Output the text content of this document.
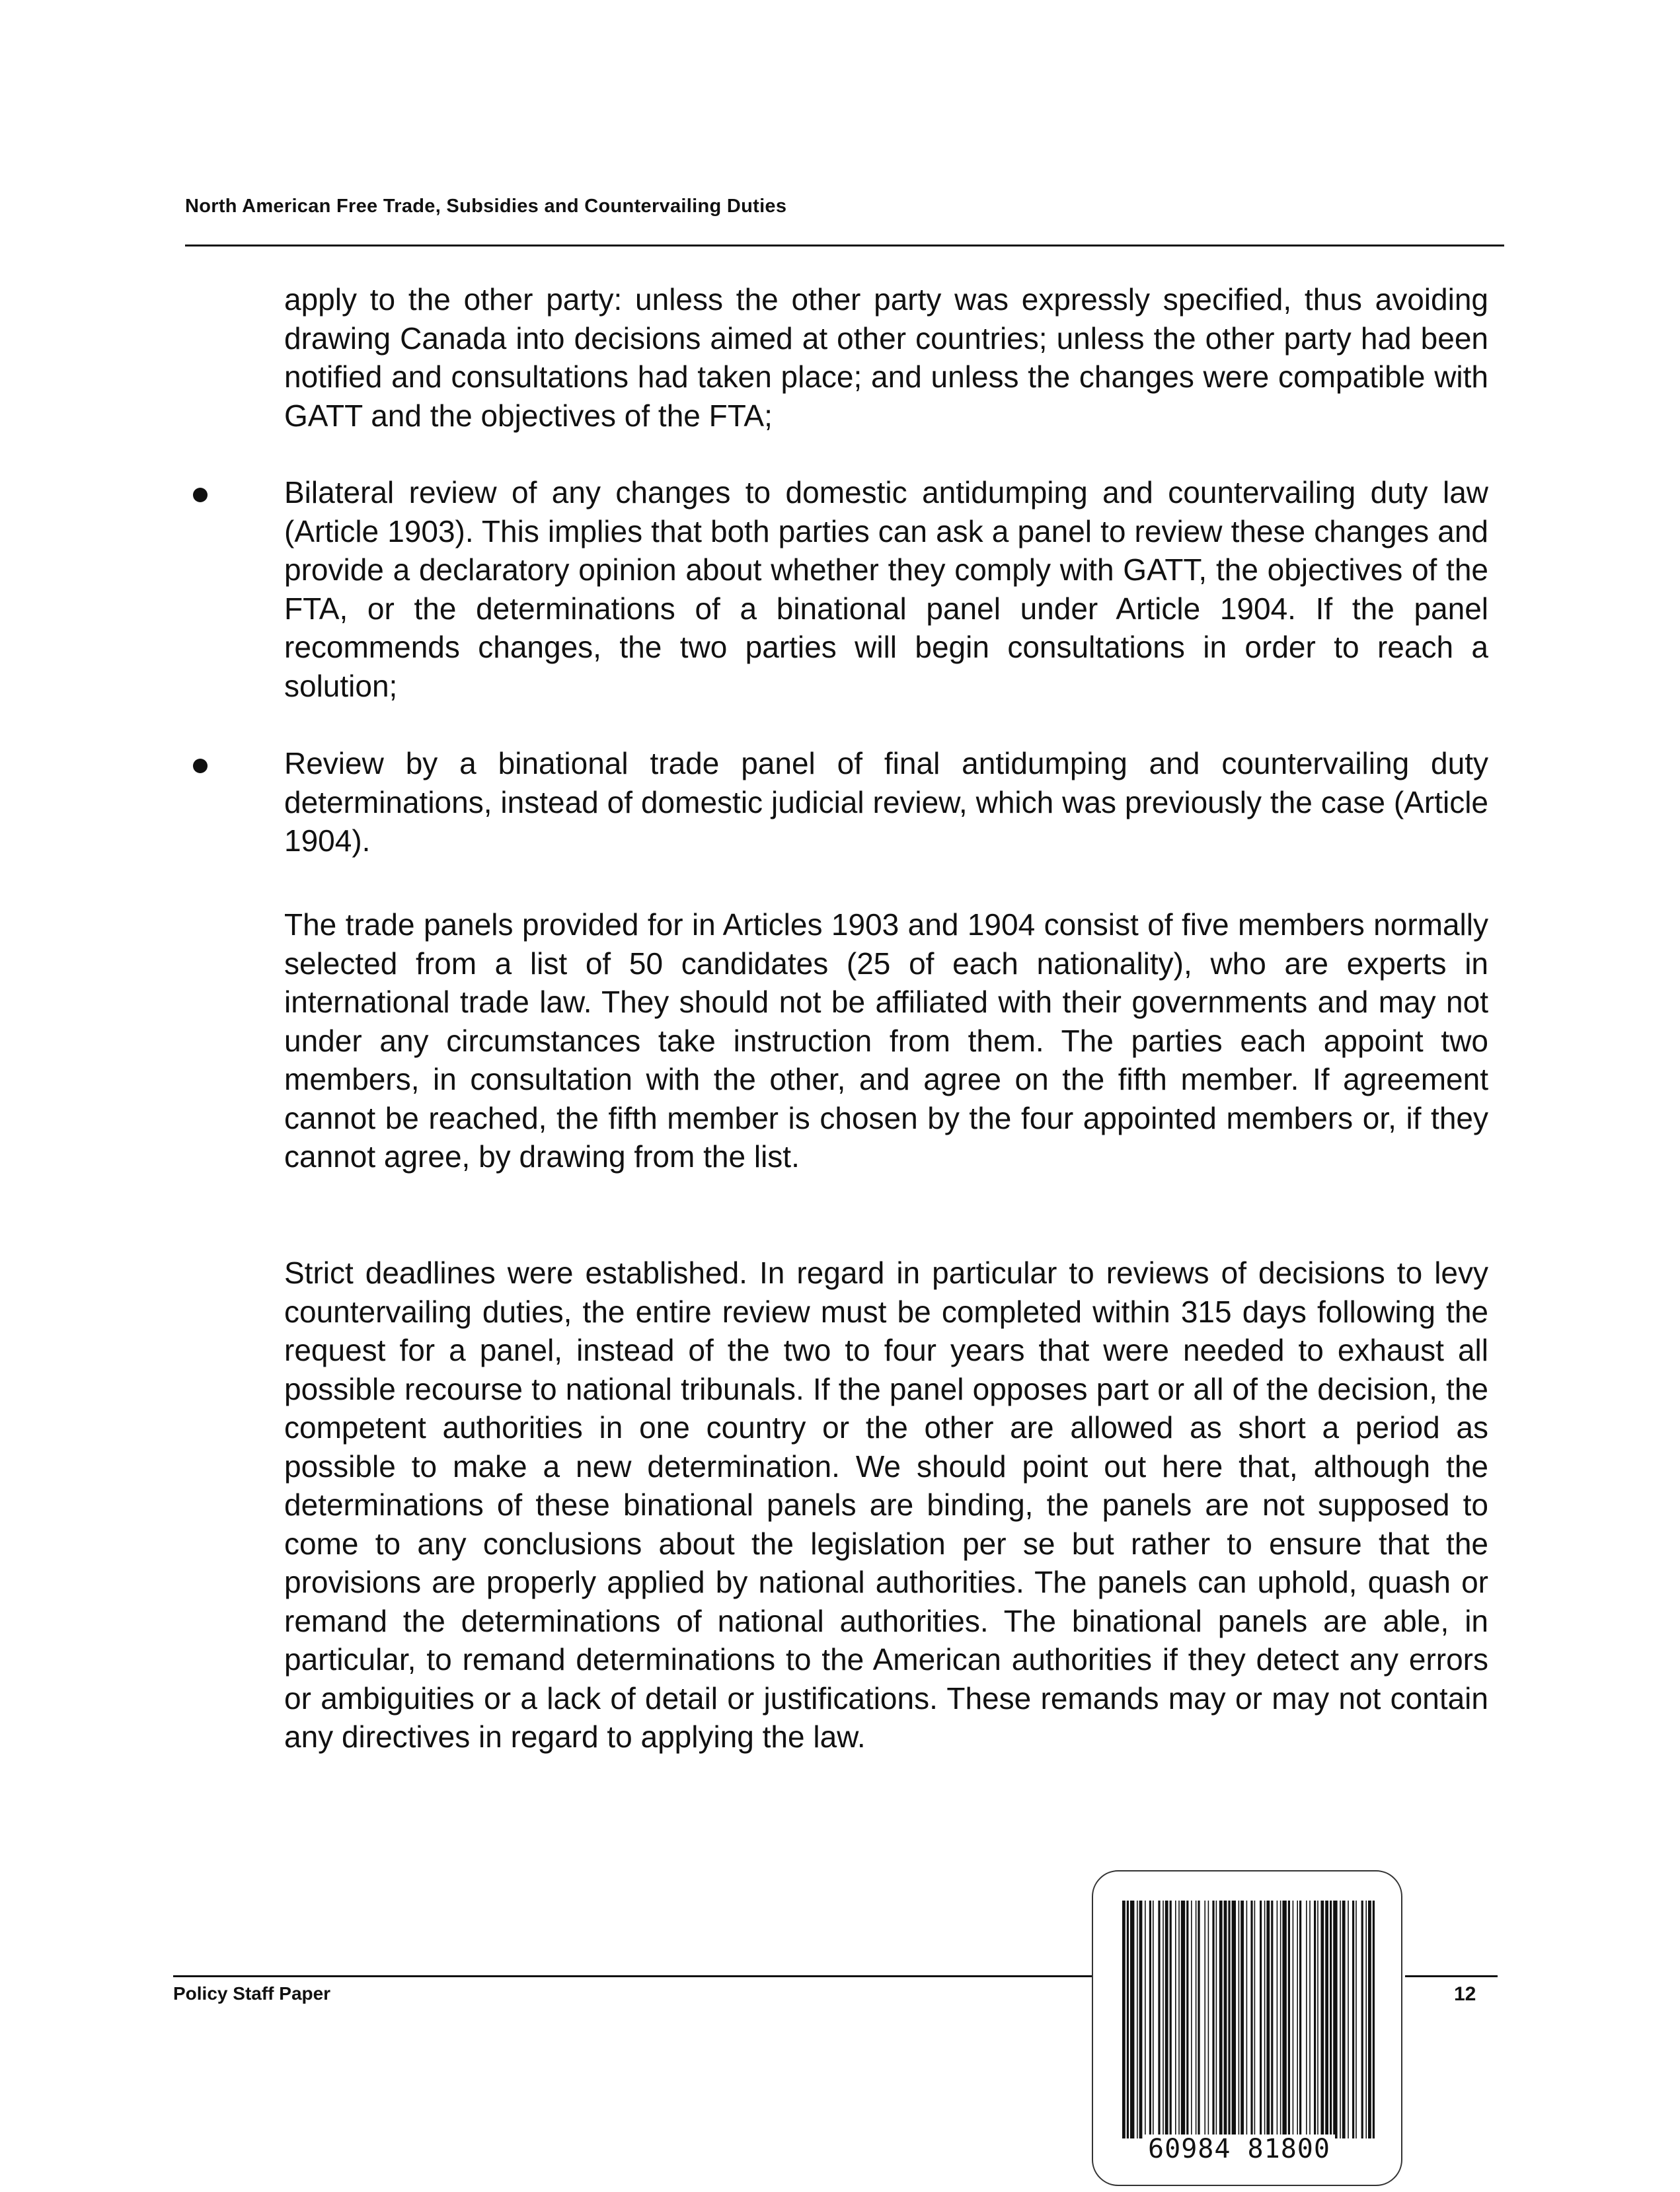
North American Free Trade, Subsidies and Countervailing Duties

apply to the other party: unless the other party was expressly specified, thus avoiding drawing Canada into decisions aimed at other countries; unless the other party had been notified and consultations had taken place; and unless the changes were compatible with GATT and the objectives of the FTA;

Bilateral review of any changes to domestic antidumping and countervailing duty law (Article 1903). This implies that both parties can ask a panel to review these changes and provide a declaratory opinion about whether they comply with GATT, the objectives of the FTA, or the determinations of a binational panel under Article 1904. If the panel recommends changes, the two parties will begin consultations in order to reach a solution;

Review by a binational trade panel of final antidumping and countervailing duty determinations, instead of domestic judicial review, which was previously the case (Article 1904).

The trade panels provided for in Articles 1903 and 1904 consist of five members normally selected from a list of 50 candidates (25 of each nationality), who are experts in international trade law. They should not be affiliated with their governments and may not under any circumstances take instruction from them. The parties each appoint two members, in consultation with the other, and agree on the fifth member. If agreement cannot be reached, the fifth member is chosen by the four appointed members or, if they cannot agree, by drawing from the list.

Strict deadlines were established. In regard in particular to reviews of decisions to levy countervailing duties, the entire review must be completed within 315 days following the request for a panel, instead of the two to four years that were needed to exhaust all possible recourse to national tribunals. If the panel opposes part or all of the decision, the competent authorities in one country or the other are allowed as short a period as possible to make a new determination. We should point out here that, although the determinations of these binational panels are binding, the panels are not supposed to come to any conclusions about the legislation per se but rather to ensure that the provisions are properly applied by national authorities. The panels can uphold, quash or remand the determinations of national authorities. The binational panels are able, in particular, to remand determinations to the American authorities if they detect any errors or ambiguities or a lack of detail or justifications. These remands may or may not contain any directives in regard to applying the law.

Policy Staff Paper	12
60984 81800
